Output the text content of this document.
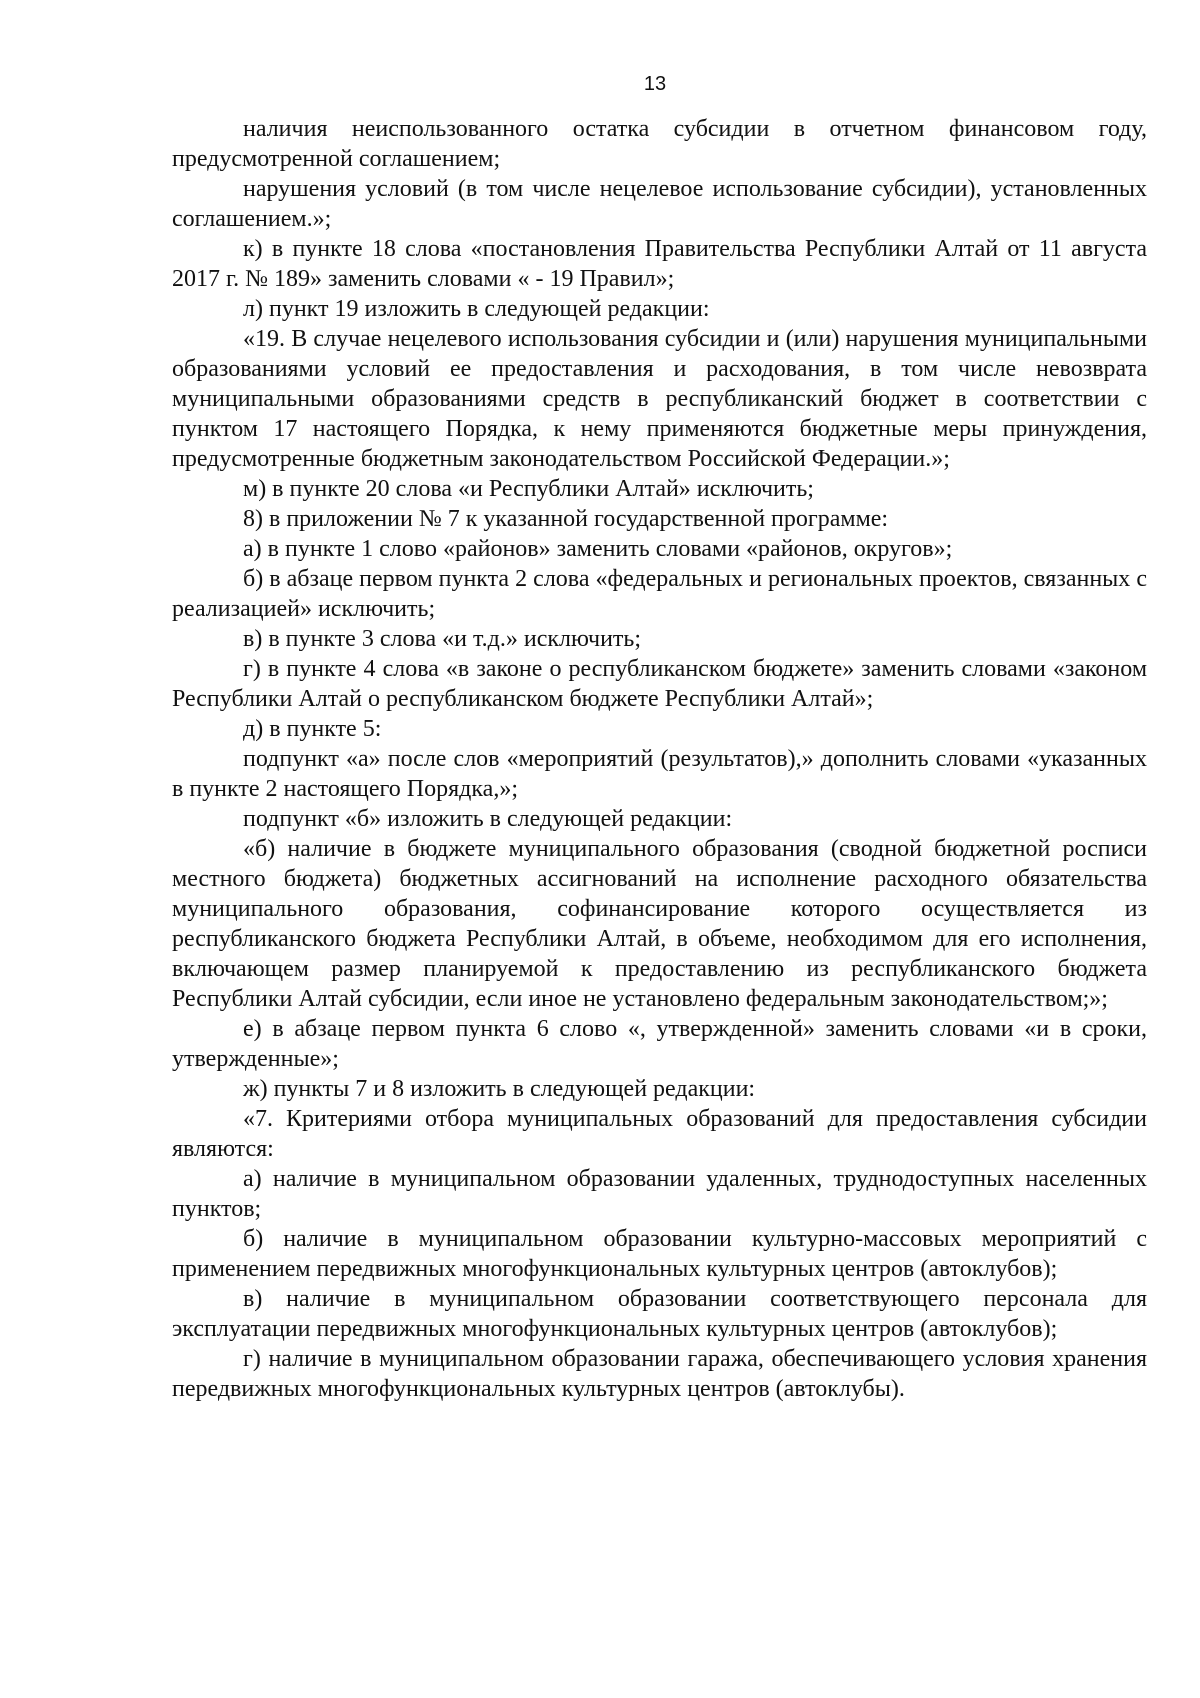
13

наличия неиспользованного остатка субсидии в отчетном финансовом году, предусмотренной соглашением;

нарушения условий (в том числе нецелевое использование субсидии), установленных соглашением.»;

к) в пункте 18 слова «постановления Правительства Республики Алтай от 11 августа 2017 г. № 189» заменить словами « - 19 Правил»;

л) пункт 19 изложить в следующей редакции:

«19. В случае нецелевого использования субсидии и (или) нарушения муниципальными образованиями условий ее предоставления и расходования, в том числе невозврата муниципальными образованиями средств в республиканский бюджет в соответствии с пунктом 17 настоящего Порядка, к нему применяются бюджетные меры принуждения, предусмотренные бюджетным законодательством Российской Федерации.»;

м) в пункте 20 слова «и Республики Алтай» исключить;

8) в приложении № 7 к указанной государственной программе:

а) в пункте 1 слово «районов» заменить словами «районов, округов»;

б) в абзаце первом пункта 2 слова «федеральных и региональных проектов, связанных с реализацией» исключить;

в) в пункте 3 слова «и т.д.» исключить;

г) в пункте 4 слова «в законе о республиканском бюджете» заменить словами «законом Республики Алтай о республиканском бюджете Республики Алтай»;

д) в пункте 5:

подпункт «а» после слов «мероприятий (результатов),» дополнить словами «указанных в пункте 2 настоящего Порядка,»;

подпункт «б» изложить в следующей редакции:

«б) наличие в бюджете муниципального образования (сводной бюджетной росписи местного бюджета) бюджетных ассигнований на исполнение расходного обязательства муниципального образования, софинансирование которого осуществляется из республиканского бюджета Республики Алтай, в объеме, необходимом для его исполнения, включающем размер планируемой к предоставлению из республиканского бюджета Республики Алтай субсидии, если иное не установлено федеральным законодательством;»;

е) в абзаце первом пункта 6 слово «, утвержденной» заменить словами «и в сроки, утвержденные»;

ж) пункты 7 и 8 изложить в следующей редакции:

«7. Критериями отбора муниципальных образований для предоставления субсидии являются:

а) наличие в муниципальном образовании удаленных, труднодоступных населенных пунктов;

б) наличие в муниципальном образовании культурно-массовых мероприятий с применением передвижных многофункциональных культурных центров (автоклубов);

в) наличие в муниципальном образовании соответствующего персонала для эксплуатации передвижных многофункциональных культурных центров (автоклубов);

г) наличие в муниципальном образовании гаража, обеспечивающего условия хранения передвижных многофункциональных культурных центров (автоклубы).
